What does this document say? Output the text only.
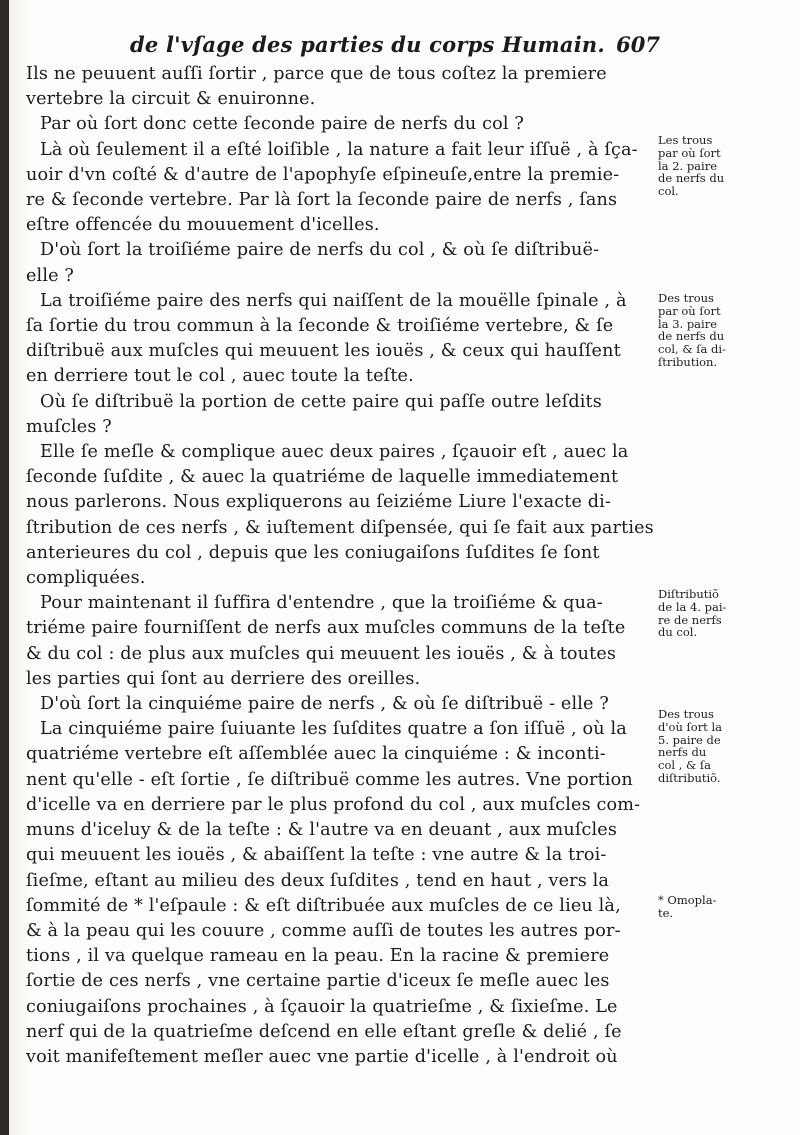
de l'vſage des parties du corps Humain. 607

Ils ne peuuent auſſi ſortir , parce que de tous coſtez la premiere

vertebre la circuit & enuironne.

Par où ſort donc cette ſeconde paire de nerfs du col ?

Là où ſeulement il a eſté loiſible , la nature a fait leur iſſuë , à ſça-

uoir d'vn coſté & d'autre de l'apophyſe eſpineuſe,entre la premie-

re & ſeconde vertebre. Par là ſort la ſeconde paire de nerfs , ſans

eſtre offencée du mouuement d'icelles.

D'où ſort la troiſiéme paire de nerfs du col , & où ſe diſtribuë-

elle ?

La troiſiéme paire des nerfs qui naiſſent de la mouëlle ſpinale , à

ſa ſortie du trou commun à la ſeconde & troiſiéme vertebre, & ſe

diſtribuë aux muſcles qui meuuent les iouës , & ceux qui hauſſent

en derriere tout le col , auec toute la teſte.

Où ſe diſtribuë la portion de cette paire qui paſſe outre leſdits

muſcles ?

Elle ſe meſle & complique auec deux paires , ſçauoir eſt , auec la

ſeconde ſuſdite , & auec la quatriéme de laquelle immediatement

nous parlerons. Nous expliquerons au ſeiziéme Liure l'exacte di-

ſtribution de ces nerfs , & iuſtement diſpensée, qui ſe fait aux parties

anterieures du col , depuis que les coniugaiſons ſuſdites ſe ſont

compliquées.

Pour maintenant il ſuffira d'entendre , que la troiſiéme & qua-

triéme paire fourniſſent de nerfs aux muſcles communs de la teſte

& du col : de plus aux muſcles qui meuuent les iouës , & à toutes

les parties qui ſont au derriere des oreilles.

D'où ſort la cinquiéme paire de nerfs , & où ſe diſtribuë - elle ?

La cinquiéme paire ſuiuante les ſuſdites quatre a ſon iſſuë , où la

quatriéme vertebre eſt aſſemblée auec la cinquiéme : & inconti-

nent qu'elle - eſt ſortie , ſe diſtribuë comme les autres. Vne portion

d'icelle va en derriere par le plus profond du col , aux muſcles com-

muns d'iceluy & de la teſte : & l'autre va en deuant , aux muſcles

qui meuuent les iouës , & abaiſſent la teſte : vne autre & la troi-

ſieſme, eſtant au milieu des deux ſuſdites , tend en haut , vers la

ſommité de * l'eſpaule : & eſt diſtribuée aux muſcles de ce lieu là,

& à la peau qui les couure , comme auſſi de toutes les autres por-

tions , il va quelque rameau en la peau. En la racine & premiere

ſortie de ces nerfs , vne certaine partie d'iceux ſe meſle auec les

coniugaiſons prochaines , à ſçauoir la quatrieſme , & ſixieſme. Le

nerf qui de la quatrieſme deſcend en elle eſtant greſle & delié , ſe

voit manifeſtement meſler auec vne partie d'icelle , à l'endroit où

Les trous

par où ſort

la 2. paire

de nerfs du

col.

Des trous

par où ſort

la 3. paire

de nerfs du

col, & ſa di-

ſtribution.

Diſtributiõ

de la 4. pai-

re de nerfs

du col.

Des trous

d'où ſort la

5. paire de

nerfs du

col , & ſa

diſtributiõ.

* Omopla-

te.
